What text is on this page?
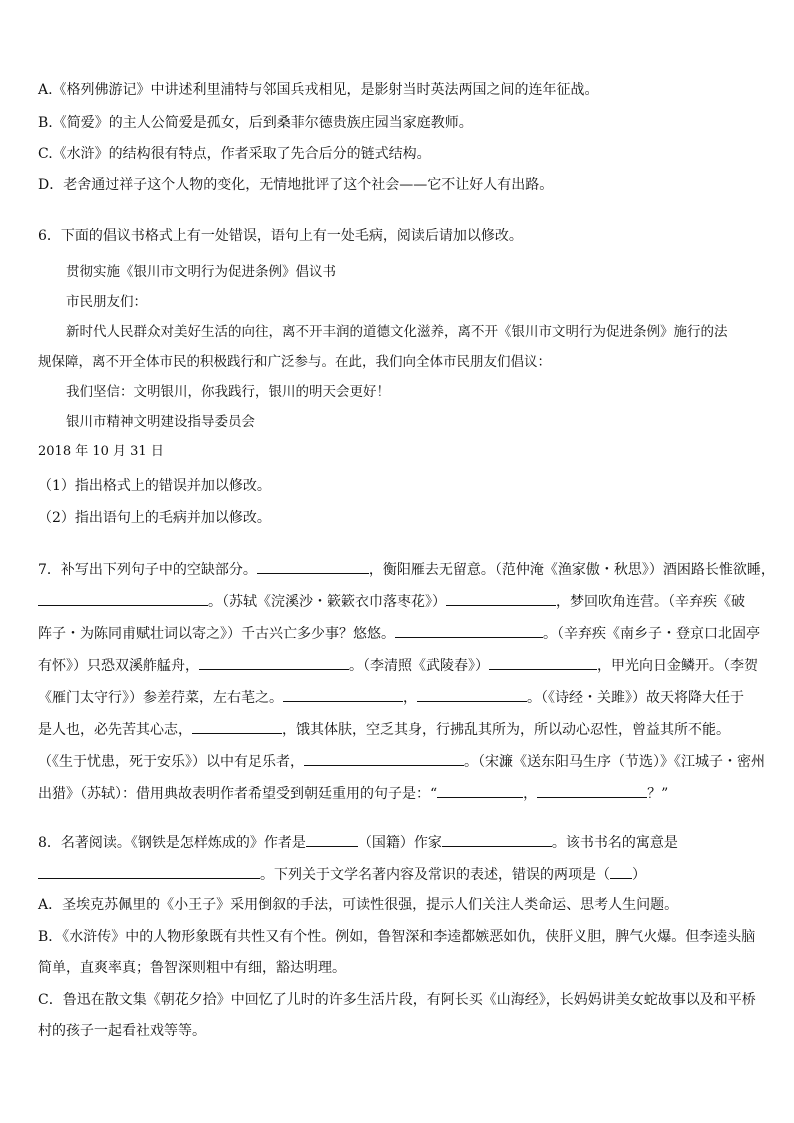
A.《格列佛游记》中讲述利里浦特与邻国兵戎相见，是影射当时英法两国之间的连年征战。
B.《简爱》的主人公简爱是孤女，后到桑菲尔德贵族庄园当家庭教师。
C.《水浒》的结构很有特点，作者采取了先合后分的链式结构。
D．老舍通过祥子这个人物的变化，无情地批评了这个社会——它不让好人有出路。
6．下面的倡议书格式上有一处错误，语句上有一处毛病，阅读后请加以修改。
贯彻实施《银川市文明行为促进条例》倡议书
市民朋友们：
新时代人民群众对美好生活的向往，离不开丰润的道德文化滋养，离不开《银川市文明行为促进条例》施行的法
规保障，离不开全体市民的积极践行和广泛参与。在此，我们向全体市民朋友们倡议：
我们坚信：文明银川，你我践行，银川的明天会更好！
银川市精神文明建设指导委员会
2018 年 10 月 31 日
（1）指出格式上的错误并加以修改。
（2）指出语句上的毛病并加以修改。
7．补写出下列句子中的空缺部分。	，衡阳雁去无留意。（范仲淹《渔家傲・秋思》）酒困路长惟欲睡，
。（苏轼《浣溪沙・簌簌衣巾落枣花》）	，梦回吹角连营。（辛弃疾《破
阵子・为陈同甫赋壮词以寄之》）千古兴亡多少事？悠悠。	。（辛弃疾《南乡子・登京口北固亭
有怀》）只恐双溪舴艋舟，	。（李清照《武陵春》）	，甲光向日金鳞开。（李贺
《雁门太守行》）参差荇菜，左右芼之。	，	。（《诗经・关雎》）故天将降大任于
是人也，必先苦其心志，	，饿其体肤，空乏其身，行拂乱其所为，所以动心忍性，曾益其所不能。
（《生于忧患，死于安乐》）以中有足乐者，	。（宋濂《送东阳马生序（节选）》《江城子・密州
出猎》（苏轼）：借用典故表明作者希望受到朝廷重用的句子是：“	，	？”
8．名著阅读。《钢铁是怎样炼成的》作者是	（国籍）作家	。该书书名的寓意是
。下列关于文学名著内容及常识的表述，错误的两项是（ ）
A．圣埃克苏佩里的《小王子》采用倒叙的手法，可读性很强，提示人们关注人类命运、思考人生问题。
B．《水浒传》中的人物形象既有共性又有个性。例如，鲁智深和李逵都嫉恶如仇，侠肝义胆，脾气火爆。但李逵头脑
简单，直爽率真；鲁智深则粗中有细，豁达明理。
C．鲁迅在散文集《朝花夕拾》中回忆了儿时的许多生活片段，有阿长买《山海经》，长妈妈讲美女蛇故事以及和平桥
村的孩子一起看社戏等等。
